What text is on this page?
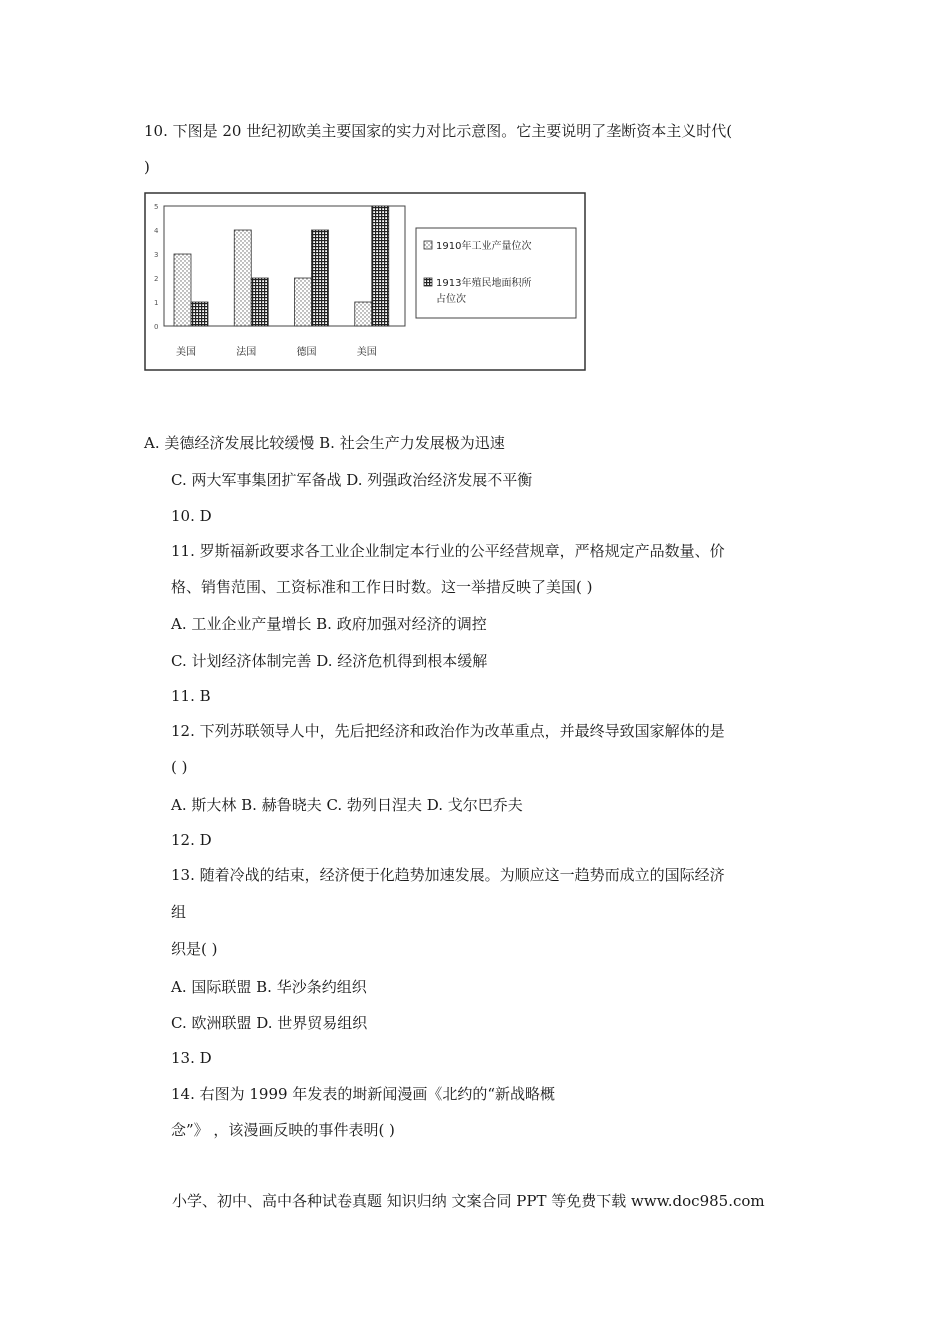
10. 下图是 20 世纪初欧美主要国家的实力对比示意图。它主要说明了垄断资本主义时代(
)
0
1
2
3
4
5
美国	法国	德国	美国
1910年工业产量位次
1913年殖民地面积所
占位次
A. 美德经济发展比较缓慢 B. 社会生产力发展极为迅速
C. 两大军事集团扩军备战 D. 列强政治经济发展不平衡
10. D
11. 罗斯福新政要求各工业企业制定本行业的公平经营规章，严格规定产品数量、价
格、销售范围、工资标准和工作日时数。这一举措反映了美国( )
A. 工业企业产量增长 B. 政府加强对经济的调控
C. 计划经济体制完善 D. 经济危机得到根本缓解
11. B
12. 下列苏联领导人中，先后把经济和政治作为改革重点，并最终导致国家解体的是
( )
A. 斯大林 B. 赫鲁晓夫 C. 勃列日涅夫 D. 戈尔巴乔夫
12. D
13. 随着冷战的结束，经济便于化趋势加速发展。为顺应这一趋势而成立的国际经济
组
织是( )
A. 国际联盟 B. 华沙条约组织
C. 欧洲联盟 D. 世界贸易组织
13. D
14. 右图为 1999 年发表的埘新闻漫画《北约的“新战略概
念”》 ，该漫画反映的事件表明( )
小学、初中、高中各种试卷真题 知识归纳 文案合同 PPT 等免费下载 www.doc985.com
